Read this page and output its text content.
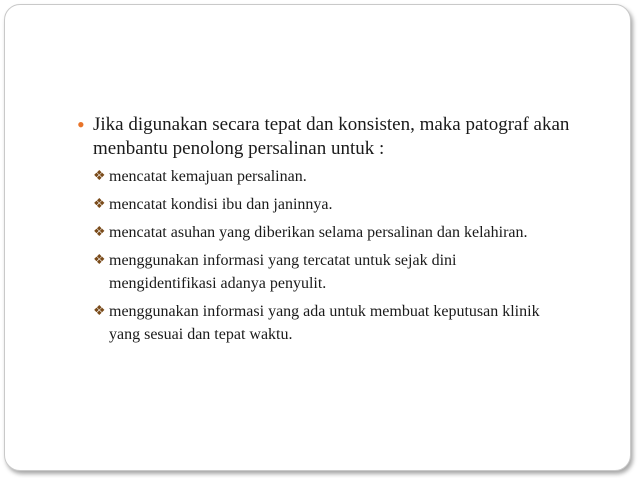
• Jika digunakan secara tepat dan konsisten, maka patograf akan menbantu penolong persalinan untuk :
❖ mencatat kemajuan persalinan.
❖ mencatat kondisi ibu dan janinnya.
❖ mencatat asuhan yang diberikan selama persalinan dan kelahiran.
❖ menggunakan informasi yang tercatat untuk sejak dini mengidentifikasi adanya penyulit.
❖ menggunakan informasi yang ada untuk membuat keputusan klinik yang sesuai dan tepat waktu.
